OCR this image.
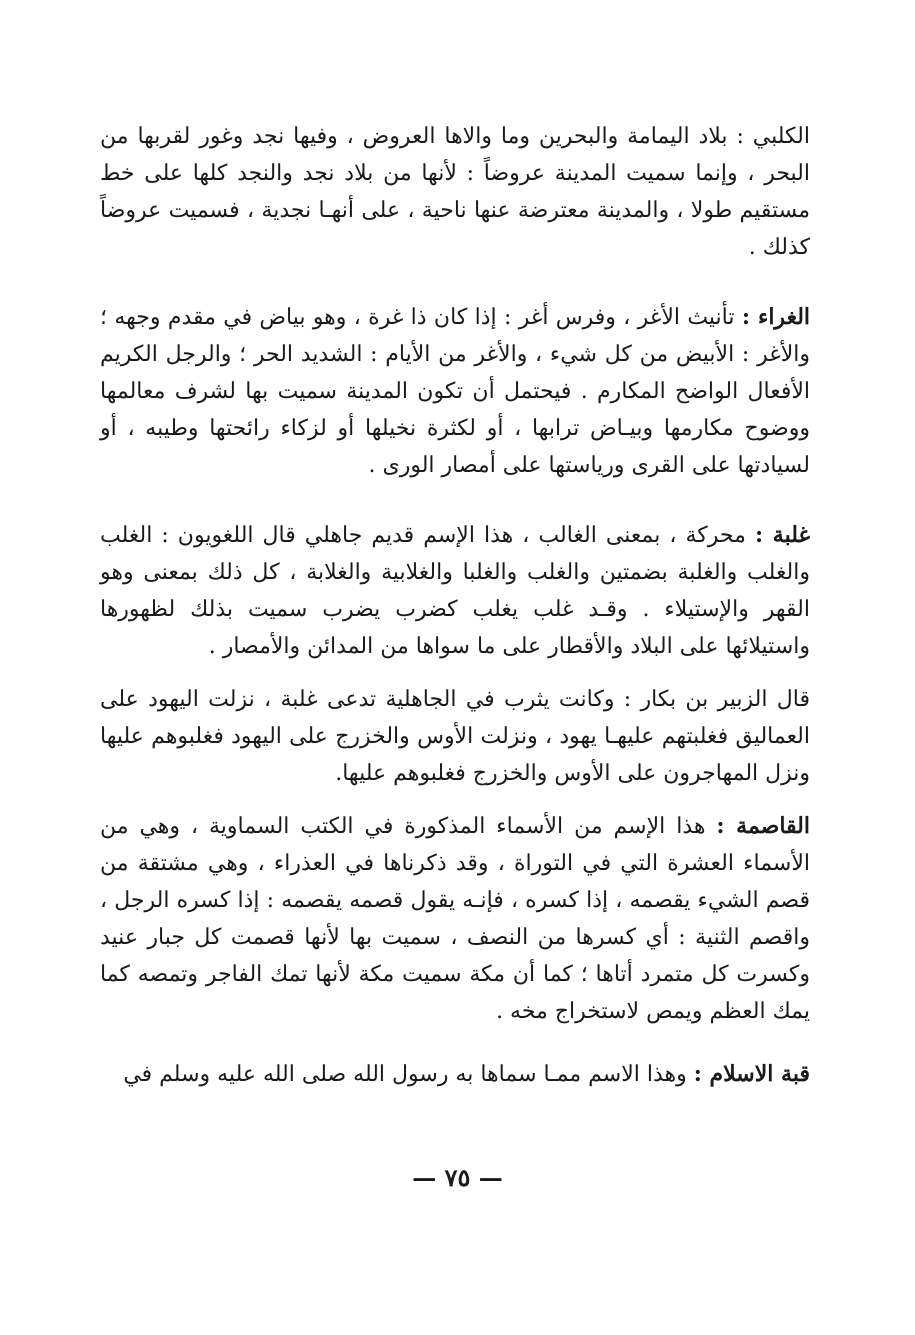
الكلبي : بلاد اليمامة والبحرين وما والاها العروض ، وفيها نجد وغور لقربها من البحر ، وإنما سميت المدينة عروضاً : لأنها من بلاد نجد والنجد كلها على خط مستقيم طولا ، والمدينة معترضة عنها ناحية ، على أنهـا نجدية ، فسميت عروضاً كذلك .

الغراء : تأنيث الأغر ، وفرس أغر : إذا كان ذا غرة ، وهو بياض في مقدم وجهه ؛ والأغر : الأبيض من كل شيء ، والأغر من الأيام : الشديد الحر ؛ والرجل الكريم الأفعال الواضح المكارم . فيحتمل أن تكون المدينة سميت بها لشرف معالمها ووضوح مكارمها وبيـاض ترابها ، أو لكثرة نخيلها أو لزكاء رائحتها وطيبه ، أو لسيادتها على القرى ورياستها على أمصار الورى .

غلبة : محركة ، بمعنى الغالب ، هذا الإسم قديم جاهلي قال اللغويون : الغلب والغلب والغلبة بضمتين والغلب والغلبا والغلابية والغلابة ، كل ذلك بمعنى وهو القهر والإستيلاء . وقـد غلب يغلب كضرب يضرب سميت بذلك لظهورها واستيلائها على البلاد والأقطار على ما سواها من المدائن والأمصار .

قال الزبير بن بكار : وكانت يثرب في الجاهلية تدعى غلبة ، نزلت اليهود على العماليق فغلبتهم عليهـا يهود ، ونزلت الأوس والخزرج على اليهود فغلبوهم عليها ونزل المهاجرون على الأوس والخزرج فغلبوهم عليها.

القاصمة : هذا الإسم من الأسماء المذكورة في الكتب السماوية ، وهي من الأسماء العشرة التي في التوراة ، وقد ذكرناها في العذراء ، وهي مشتقة من قصم الشيء يقصمه ، إذا كسره ، فإنـه يقول قصمه يقصمه : إذا كسره الرجل ، واقصم الثنية : أي كسرها من النصف ، سميت بها لأنها قصمت كل جبار عنيد وكسرت كل متمرد أتاها ؛ كما أن مكة سميت مكة لأنها تمك الفاجر وتمصه كما يمك العظم ويمص لاستخراج مخه .

قبة الاسلام : وهذا الاسم ممـا سماها به رسول الله صلى الله عليه وسلم في

— ٧٥ —
